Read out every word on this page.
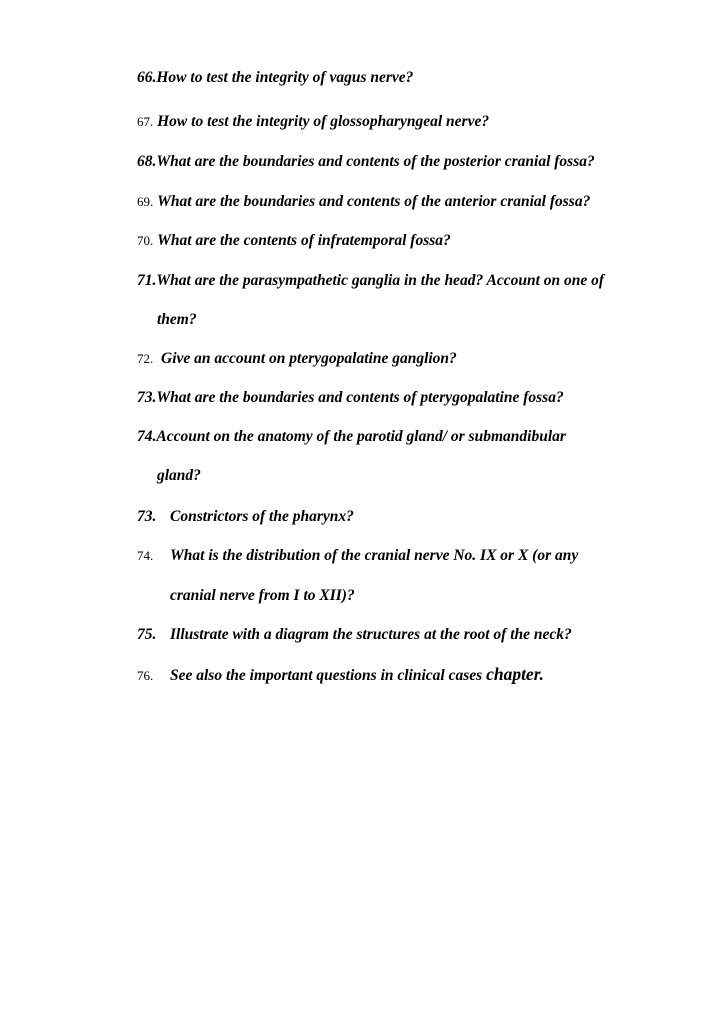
66.How to test the integrity of vagus nerve?
67. How to test the integrity of glossopharyngeal nerve?
68.What are the boundaries and contents of the posterior cranial fossa?
69. What are the boundaries and contents of the anterior cranial fossa?
70. What are the contents of infratemporal fossa?
71.What are the parasympathetic ganglia in the head? Account on one of
them?
72. Give an account on pterygopalatine ganglion?
73.What are the boundaries and contents of pterygopalatine fossa?
74.Account on the anatomy of the parotid gland/ or submandibular
gland?
73. Constrictors of the pharynx?
74. What is the distribution of the cranial nerve No. IX or X (or any
cranial nerve from I to XII)?
75. Illustrate with a diagram the structures at the root of the neck?
76. See also the important questions in clinical cases chapter.
